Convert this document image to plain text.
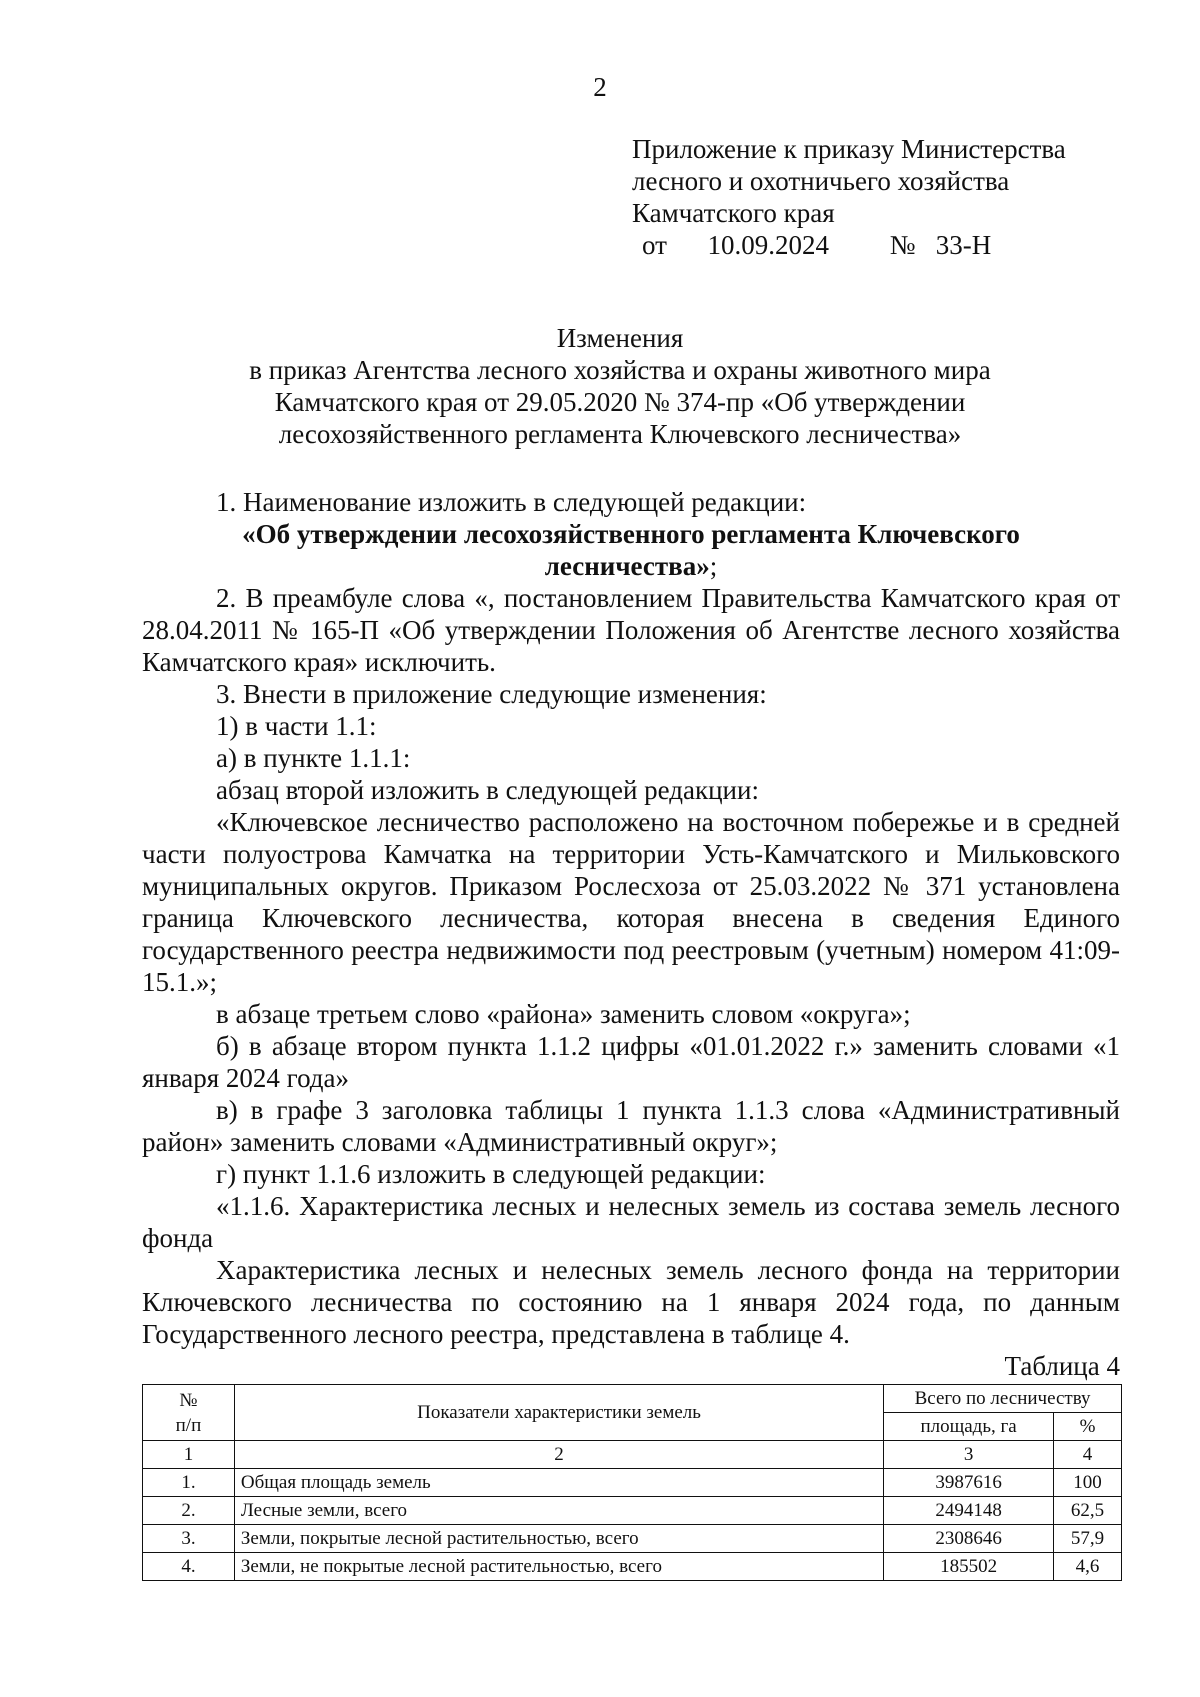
2
Приложение к приказу Министерства
лесного и охотничьего хозяйства
Камчатского края
от 10.09.2024 № 33-Н
Изменения
в приказ Агентства лесного хозяйства и охраны животного мира
Камчатского края от 29.05.2020 № 374-пр «Об утверждении
лесохозяйственного регламента Ключевского лесничества»

1. Наименование изложить в следующей редакции:

«Об утверждении лесохозяйственного регламента Ключевского лесничества»;

2. В преамбуле слова «, постановлением Правительства Камчатского края от 28.04.2011 № 165-П «Об утверждении Положения об Агентстве лесного хозяйства Камчатского края» исключить.

3. Внести в приложение следующие изменения:

1) в части 1.1:

а) в пункте 1.1.1:

абзац второй изложить в следующей редакции:

«Ключевское лесничество расположено на восточном побережье и в средней части полуострова Камчатка на территории Усть-Камчатского и Мильковского муниципальных округов. Приказом Рослесхоза от 25.03.2022 № 371 установлена граница Ключевского лесничества, которая внесена в сведения Единого государственного реестра недвижимости под реестровым (учетным) номером 41:09-15.1.»;

в абзаце третьем слово «района» заменить словом «округа»;

б) в абзаце втором пункта 1.1.2 цифры «01.01.2022 г.» заменить словами «1 января 2024 года»

в) в графе 3 заголовка таблицы 1 пункта 1.1.3 слова «Административный район» заменить словами «Административный округ»;

г) пункт 1.1.6 изложить в следующей редакции:

«1.1.6. Характеристика лесных и нелесных земель из состава земель лесного фонда

Характеристика лесных и нелесных земель лесного фонда на территории Ключевского лесничества по состоянию на 1 января 2024 года, по данным Государственного лесного реестра, представлена в таблице 4.

Таблица 4

№
п/п	Показатели характеристики земель	Всего по лесничеству	
		площадь, га	%
1	2	3	4
1.	Общая площадь земель	3987616	100
2.	Лесные земли, всего	2494148	62,5
3.	Земли, покрытые лесной растительностью, всего	2308646	57,9
4.	Земли, не покрытые лесной растительностью, всего	185502	4,6
